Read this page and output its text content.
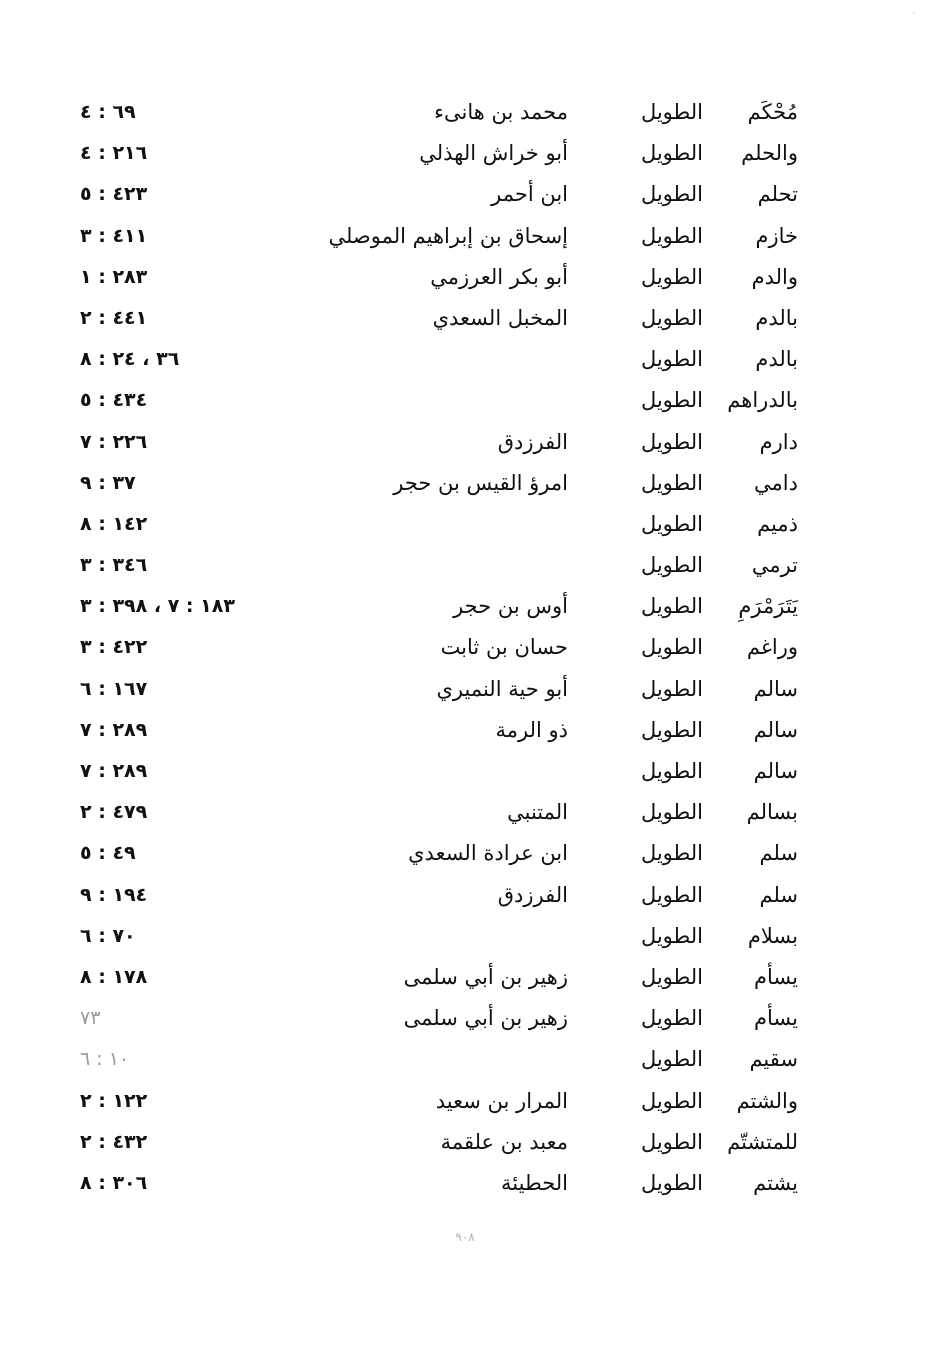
-
مُحْكَم
الطويل
محمد بن هانىء
٦٩ : ٤
والحلم
الطويل
أبو خراش الهذلي
٢١٦ : ٤
تحلم
الطويل
ابن أحمر
٤٢٣ : ٥
خازم
الطويل
إسحاق بن إبراهيم الموصلي
٤١١ : ٣
والدم
الطويل
أبو بكر العرزمي
٢٨٣ : ١
بالدم
الطويل
المخبل السعدي
٤٤١ : ٢
بالدم
الطويل
٣٦ ، ٢٤ : ٨
بالدراهم
الطويل
٤٣٤ : ٥
دارم
الطويل
الفرزدق
٢٢٦ : ٧
دامي
الطويل
امرؤ القيس بن حجر
٣٧ : ٩
ذميم
الطويل
١٤٢ : ٨
ترمي
الطويل
٣٤٦ : ٣
يَتَرَمْرَمِ
الطويل
أوس بن حجر
١٨٣ : ٧ ، ٣٩٨ : ٣
وراغم
الطويل
حسان بن ثابت
٤٢٢ : ٣
سالم
الطويل
أبو حية النميري
١٦٧ : ٦
سالم
الطويل
ذو الرمة
٢٨٩ : ٧
سالم
الطويل
٢٨٩ : ٧
بسالم
الطويل
المتنبي
٤٧٩ : ٢
سلم
الطويل
ابن عرادة السعدي
٤٩ : ٥
سلم
الطويل
الفرزدق
١٩٤ : ٩
بسلام
الطويل
٧٠ : ٦
يسأم
الطويل
زهير بن أبي سلمى
١٧٨ : ٨
يسأم
الطويل
زهير بن أبي سلمى
٧٣
سقيم
الطويل
١٠ : ٦
والشتم
الطويل
المرار بن سعيد
١٢٢ : ٢
للمتشتّم
الطويل
معبد بن علقمة
٤٣٢ : ٢
يشتم
الطويل
الحطيئة
٣٠٦ : ٨
٩٠٨
